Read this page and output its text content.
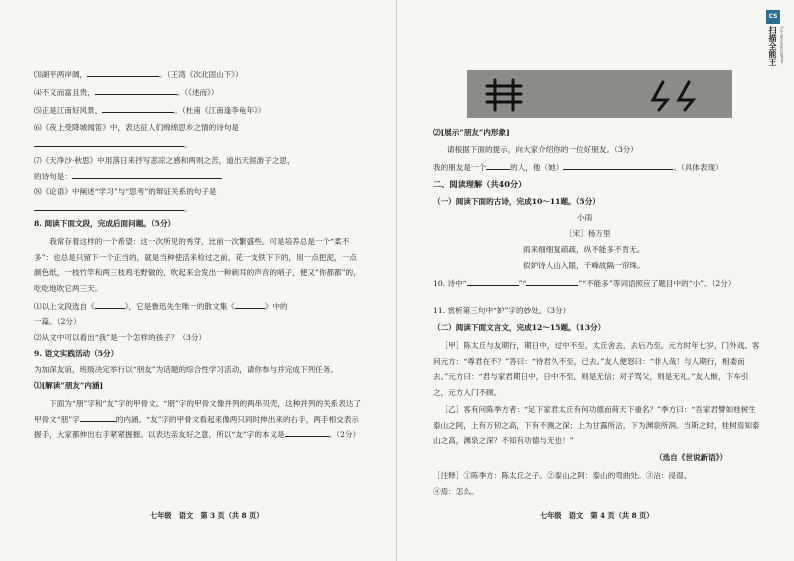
⑶湖平两岸阔，	。（王湾《次北固山下》）
⑷不义而富且贵，	。（《述而》）
⑸正是江南好风景，	。（杜甫《江南逢李龟年》）
⑹《夜上受降城闻笛》中，表达征人们绵绵思乡之情的诗句是
。
⑺《天净沙·秋思》中用落日来抒写悲凉之感和两则之苦，道出天涯游子之思，
的诗句是：
⑻《论语》中阐述“学习”与“思考”的辩证关系的句子是
。
8. 阅读下面文段，完成后面问题。（5分）
我常存着这样的一个希望：这一次所见的秀芽，比前一次繁盛些。可是培养总是一个“柔不多”：也总是只留下一个正当的，就是当种使活来检过之前，花一支铁下下的，用一点把泥，一点颜色纸，一枝竹竿和两三枝鸡毛野做的，吹起来会发出一种刺耳的声音的哨子，便又”你都都”的，吃吃地吹它两三天。
⑴以上文段选自《	》，它是鲁迅先生唯一的散文集《	》中的
一篇。（2分）
⑵从文中可以看出“我”是一个怎样的孩子？（3分）
9. 语文实践活动（5分）
为加深友谊，班级决定举行以“朋友”为话题的综合性学习活动，请你参与并完成下列任务。
⑴[解读“朋友”内涵]
下面为“朋”字和“友”字的甲骨文。“朋”字的甲骨文像并列的两串贝壳，这种并列的关系表达了甲骨文“朋”字	的内涵。“友”字的甲骨文看起来像两只同时伸出来的右手，两手相交表示握手，大家都伸出右手紧紧握握。以表达亲友好之意，所以“友”字的本义是	。（2分）
七年级　语文　第 3 页（共 8 页）
⑵[展示“朋友”内形象]
请根据下面的提示，向大家介绍你的一位好朋友。（3分）
我的朋友是一个	的人，他（她）	。（具体表现）
二、阅读理解（共40分）
（一）阅读下面的古诗，完成10～11题。（5分）
小雨
［宋］杨万里
雨来细细复疏疏，纵不能多不肯无。
似妒诗人山入眼，千峰故隔一帘珠。
10. 诗中“	”“	”“不能多”等词语照应了题目中的“小”。（2分）
11. 赏析第三句中“妒”字的妙处。（3分）
（二）阅读下面文言文，完成12～15题。（13分）
［甲］陈太丘与友期行，期日中，过中不至，太丘舍去，去后乃至。元方时年七岁，门外戏。客问元方：“尊君在不？”答曰：“待君久不至，已去。”友人便怒曰：“非人哉！与人期行，相委而去。”元方曰：“君与家君期日中，日中不至，则是无信；对子骂父，则是无礼。”友人惭，下车引之，元方入门不顾。
［乙］客有问陈季方者：“足下家君太丘有何功德而荷天下重名？”季方曰：“吾家君譬如桂树生泰山之阿，上有万仞之高，下有不测之深；上为甘露所沾，下为渊泉所润。当斯之时，桂树焉知泰山之高，渊泉之深？不知有功德与无也！”
（选自《世说新语》）
［注释］①陈季方：陈太丘之子。②泰山之阿：泰山的弯曲处。③沾：浸湿。
④焉：怎么。
七年级　语文　第 4 页（共 8 页）
CS
扫描全能王 3亿人都在用的扫描App
